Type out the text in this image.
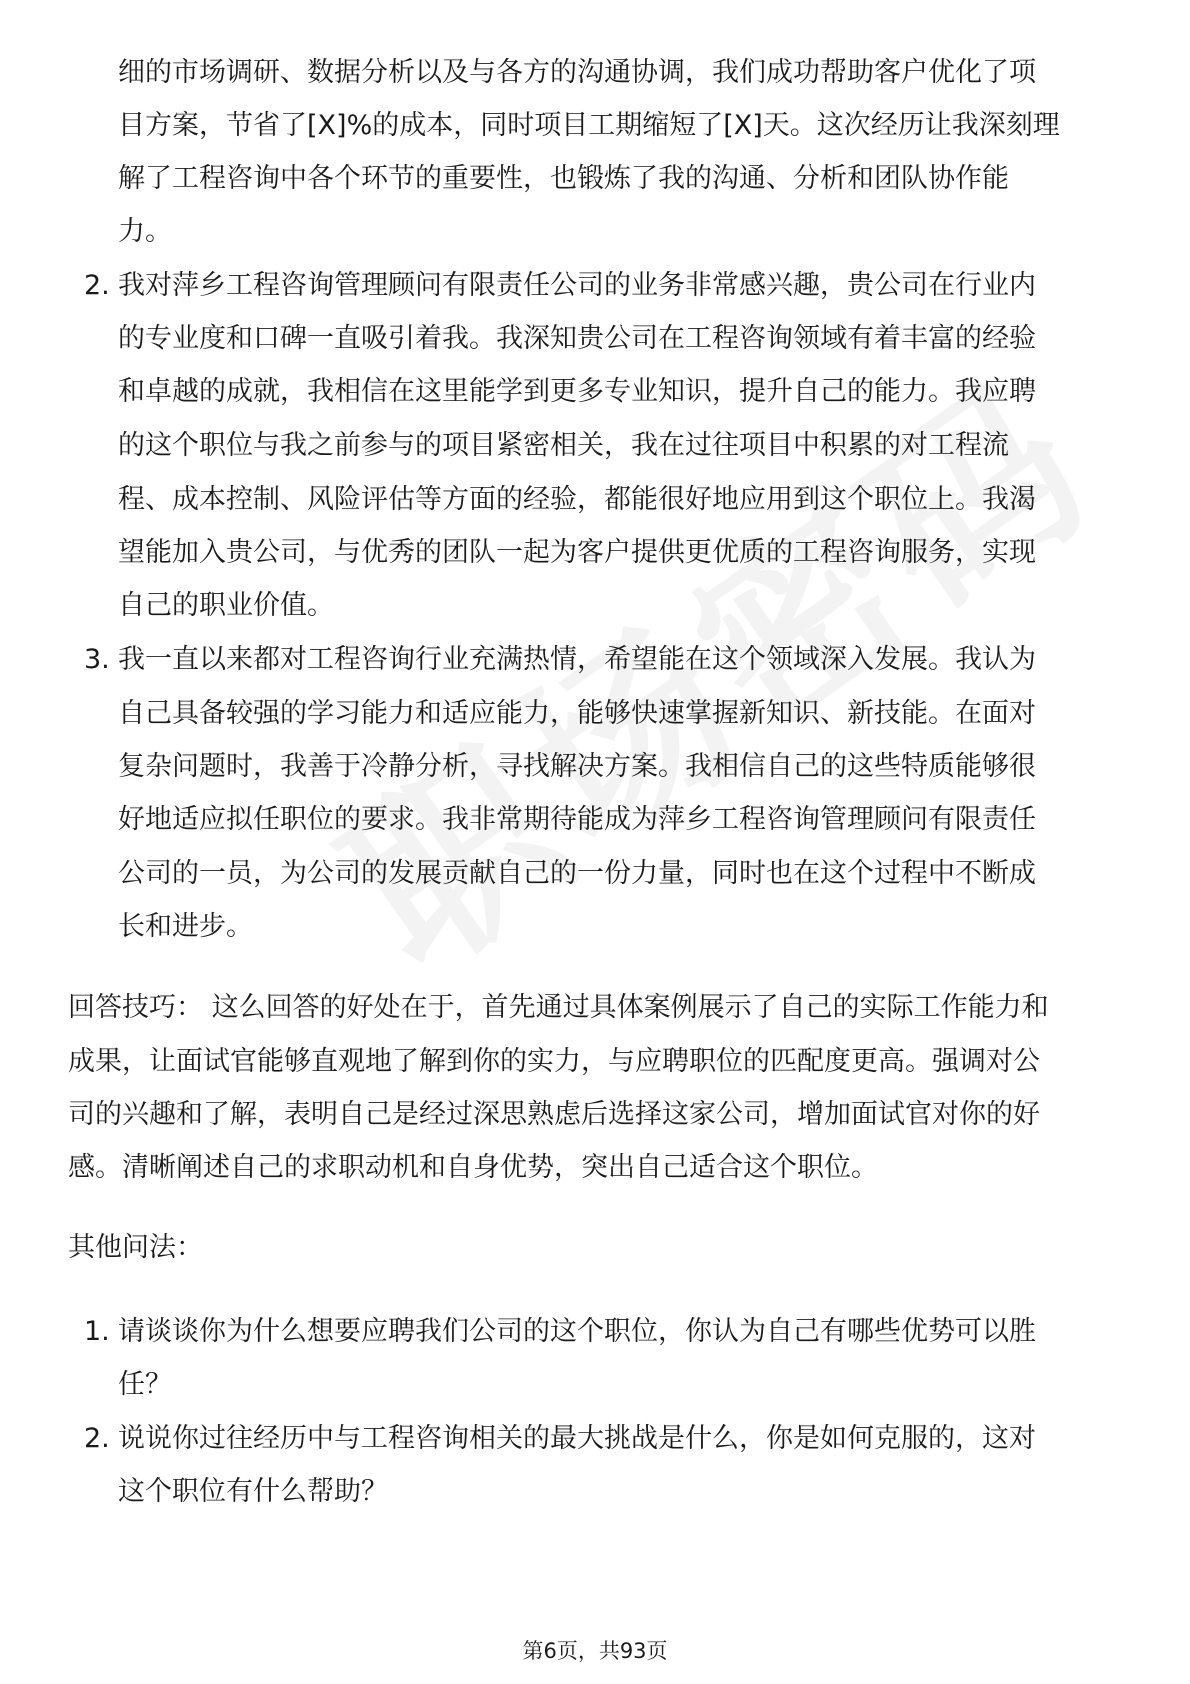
细的市场调研、数据分析以及与各方的沟通协调，我们成功帮助客户优化了项
目方案，节省了[X]%的成本，同时项目工期缩短了[X]天。这次经历让我深刻理
解了工程咨询中各个环节的重要性，也锻炼了我的沟通、分析和团队协作能
力。
2. 我对萍乡工程咨询管理顾问有限责任公司的业务非常感兴趣，贵公司在行业内
的专业度和口碑一直吸引着我。我深知贵公司在工程咨询领域有着丰富的经验
和卓越的成就，我相信在这里能学到更多专业知识，提升自己的能力。我应聘
的这个职位与我之前参与的项目紧密相关，我在过往项目中积累的对工程流
程、成本控制、风险评估等方面的经验，都能很好地应用到这个职位上。我渴
望能加入贵公司，与优秀的团队一起为客户提供更优质的工程咨询服务，实现
自己的职业价值。
3. 我一直以来都对工程咨询行业充满热情，希望能在这个领域深入发展。我认为
自己具备较强的学习能力和适应能力，能够快速掌握新知识、新技能。在面对
复杂问题时，我善于冷静分析，寻找解决方案。我相信自己的这些特质能够很
好地适应拟任职位的要求。我非常期待能成为萍乡工程咨询管理顾问有限责任
公司的一员，为公司的发展贡献自己的一份力量，同时也在这个过程中不断成
长和进步。
回答技巧： 这么回答的好处在于，首先通过具体案例展示了自己的实际工作能力和
成果，让面试官能够直观地了解到你的实力，与应聘职位的匹配度更高。强调对公
司的兴趣和了解，表明自己是经过深思熟虑后选择这家公司，增加面试官对你的好
感。清晰阐述自己的求职动机和自身优势，突出自己适合这个职位。
其他问法：
1. 请谈谈你为什么想要应聘我们公司的这个职位，你认为自己有哪些优势可以胜
任？
2. 说说你过往经历中与工程咨询相关的最大挑战是什么，你是如何克服的，这对
这个职位有什么帮助？
第6页，共93页
